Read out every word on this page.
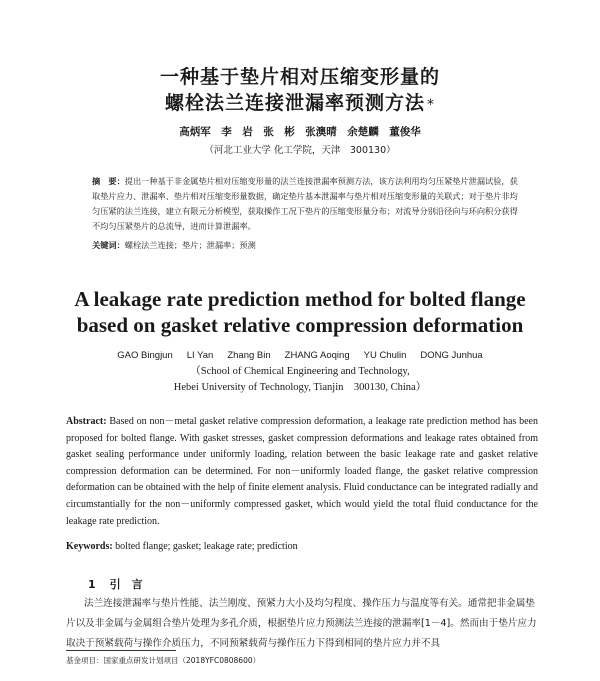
一种基于垫片相对压缩变形量的
螺栓法兰连接泄漏率预测方法 *
高炳军　李　岩　张　彬　张澳晴　余楚麟　董俊华
（河北工业大学 化工学院，天津　300130）
摘　要：提出一种基于非金属垫片相对压缩变形量的法兰连接泄漏率预测方法，该方法利用均匀压紧垫片泄漏试验，获取垫片应力、泄漏率、垫片相对压缩变形量数据，确定垫片基本泄漏率与垫片相对压缩变形量的关联式；对于垫片非均匀压紧的法兰连接，建立有限元分析模型，获取操作工况下垫片的压缩变形量分布；对流导分别沿径向与环向积分获得不均匀压紧垫片的总流导，进而计算泄漏率。
关键词：螺栓法兰连接；垫片；泄漏率；预测
A leakage rate prediction method for bolted flange
based on gasket relative compression deformation
GAO Bingjun LI Yan Zhang Bin ZHANG Aoqing YU Chulin DONG Junhua
（School of Chemical Engineering and Technology,
Hebei University of Technology, Tianjin　300130, China）
Abstract: Based on non－metal gasket relative compression deformation, a leakage rate prediction method has been proposed for bolted flange. With gasket stresses, gasket compression deformations and leakage rates obtained from gasket sealing performance under uniformly loading, relation between the basic leakage rate and gasket relative compression deformation can be determined. For non－uniformly loaded flange, the gasket relative compression deformation can be obtained with the help of finite element analysis. Fluid conductance can be integrated radially and circumstantially for the non－uniformly compressed gasket, which would yield the total fluid conductance for the leakage rate prediction.
Keywords: bolted flange; gasket; leakage rate; prediction
1 引　言
法兰连接泄漏率与垫片性能、法兰刚度、预紧力大小及均匀程度、操作压力与温度等有关。通常把非金属垫片以及非金属与金属组合垫片处理为多孔介质，根据垫片应力预测法兰连接的泄漏率[1－4]。然而由于垫片应力取决于预紧载荷与操作介质压力，不同预紧载荷与操作压力下得到相同的垫片应力并不具
基金项目：国家重点研发计划项目（2018YFC0808600）
